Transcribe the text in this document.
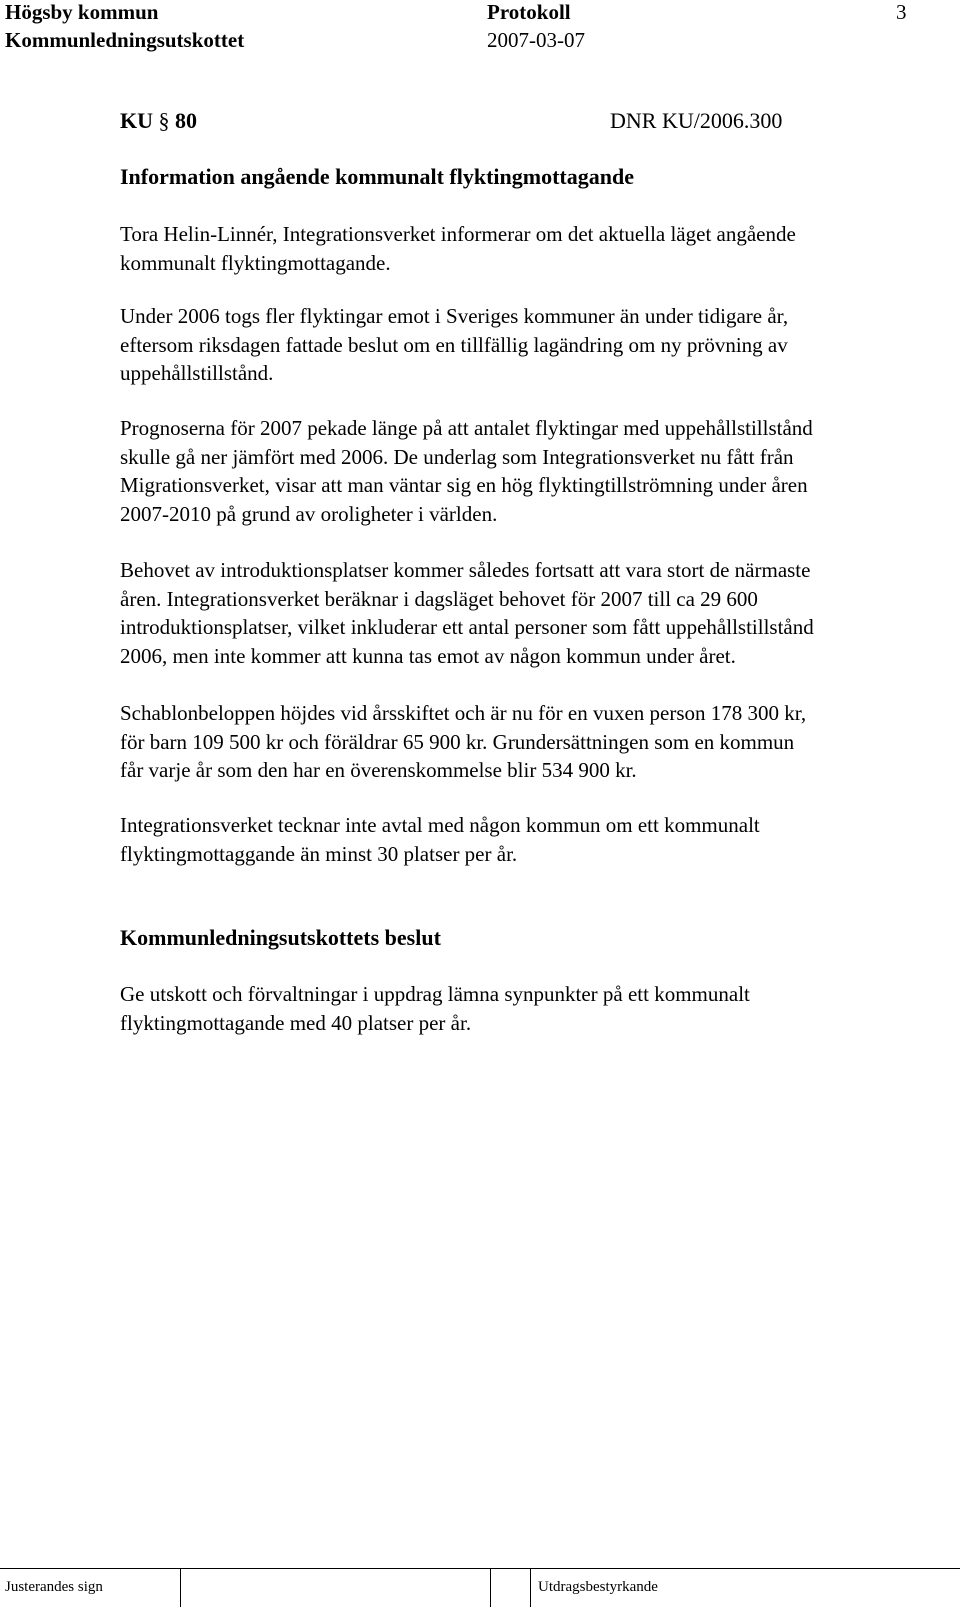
Högsby kommun	Protokoll	3
Kommunledningsutskottet	2007-03-07
KU § 80	DNR KU/2006.300
Information angående kommunalt flyktingmottagande
Tora Helin-Linnér, Integrationsverket informerar om det aktuella läget angående
kommunalt flyktingmottagande.
Under 2006 togs fler flyktingar emot i Sveriges kommuner än under tidigare år,
eftersom riksdagen fattade beslut om en tillfällig lagändring om ny prövning av
uppehållstillstånd.
Prognoserna för 2007 pekade länge på att antalet flyktingar med uppehållstillstånd
skulle gå ner jämfört med 2006. De underlag som Integrationsverket nu fått från
Migrationsverket, visar att man väntar sig en hög flyktingtillströmning under åren
2007-2010 på grund av oroligheter i världen.
Behovet av introduktionsplatser kommer således fortsatt att vara stort de närmaste
åren. Integrationsverket beräknar i dagsläget behovet för 2007 till ca 29 600
introduktionsplatser, vilket inkluderar ett antal personer som fått uppehållstillstånd
2006, men inte kommer att kunna tas emot av någon kommun under året.
Schablonbeloppen höjdes vid årsskiftet och är nu för en vuxen person 178 300 kr,
för barn 109 500 kr och föräldrar 65 900 kr. Grundersättningen som en kommun
får varje år som den har en överenskommelse blir 534 900 kr.
Integrationsverket tecknar inte avtal med någon kommun om ett kommunalt
flyktingmottaggande än minst 30 platser per år.
Kommunledningsutskottets beslut
Ge utskott och förvaltningar i uppdrag lämna synpunkter på ett kommunalt
flyktingmottagande med 40 platser per år.
Justerandes sign	Utdragsbestyrkande
